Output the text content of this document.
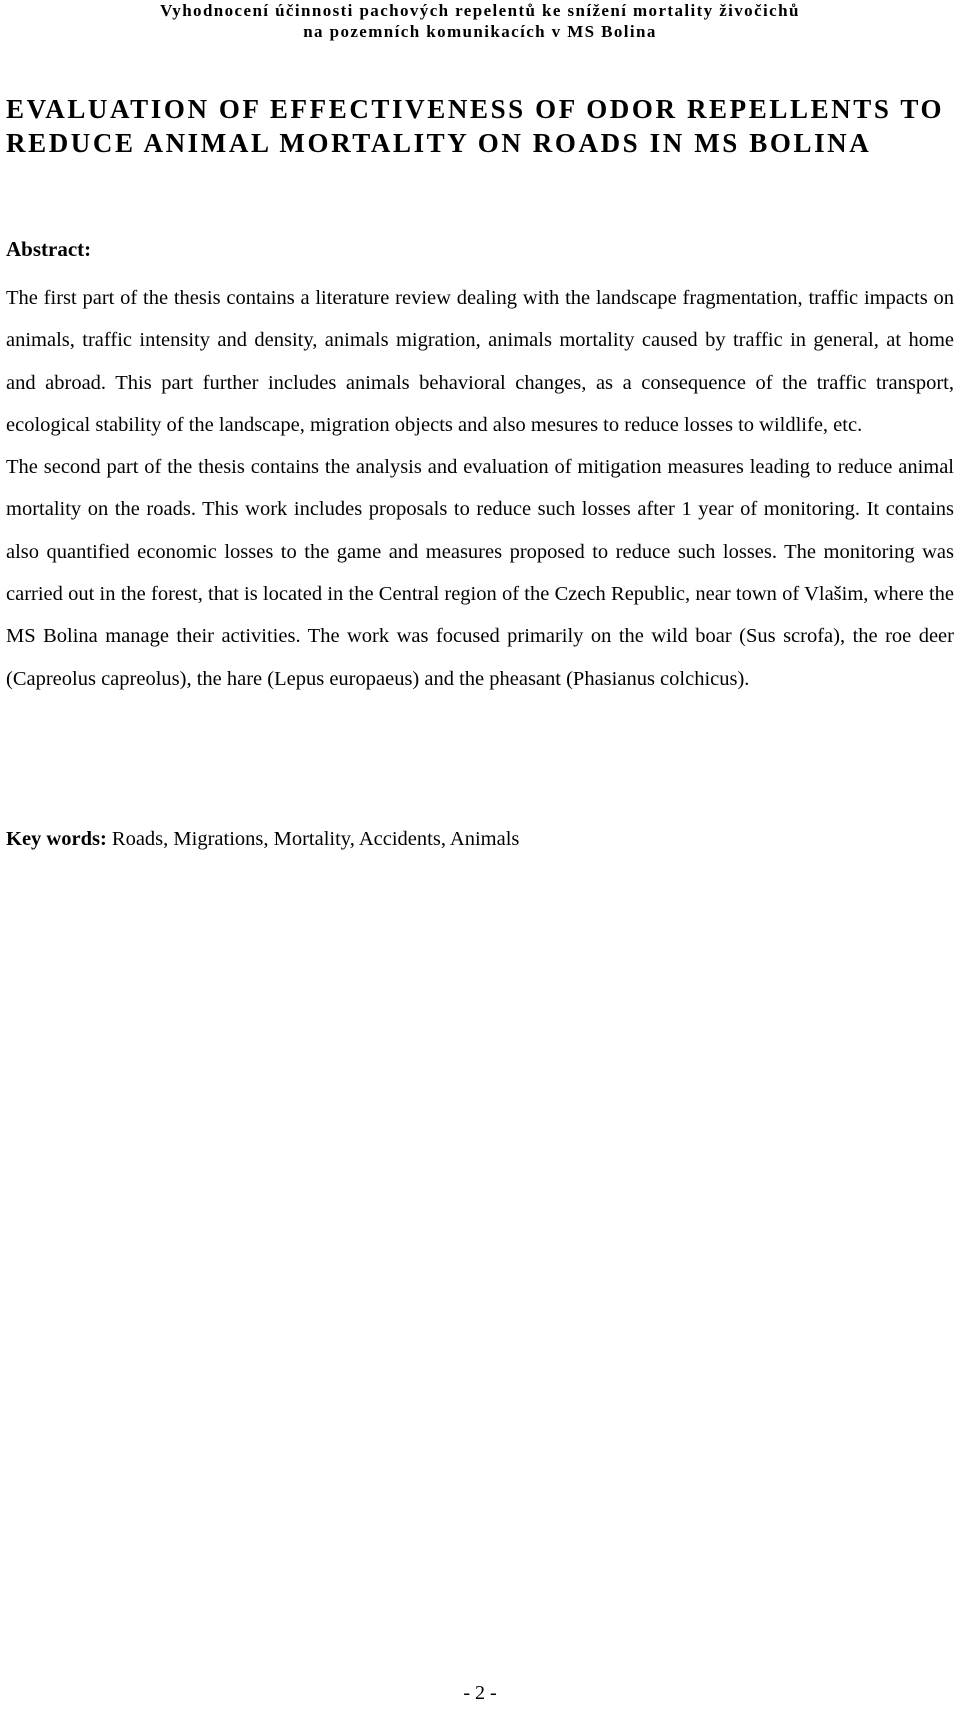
Vyhodnocení účinnosti pachových repelentů ke snížení mortality živočichů
na pozemních komunikacích v MS Bolina
EVALUATION OF EFFECTIVENESS OF ODOR REPELLENTS TO REDUCE ANIMAL MORTALITY ON ROADS IN MS BOLINA
Abstract:

The first part of the thesis contains a literature review dealing with the landscape fragmentation, traffic impacts on animals, traffic intensity and density, animals migration, animals mortality caused by traffic in general, at home and abroad. This part further includes animals behavioral changes, as a consequence of the traffic transport, ecological stability of the landscape, migration objects and also mesures to reduce losses to wildlife, etc.

The second part of the thesis contains the analysis and evaluation of mitigation measures leading to reduce animal mortality on the roads. This work includes proposals to reduce such losses after 1 year of monitoring. It contains also quantified economic losses to the game and measures proposed to reduce such losses. The monitoring was carried out in the forest, that is located in the Central region of the Czech Republic, near town of Vlašim, where the MS Bolina manage their activities. The work was focused primarily on the wild boar (Sus scrofa), the roe deer (Capreolus capreolus), the hare (Lepus europaeus) and the pheasant (Phasianus colchicus).

Key words: Roads, Migrations, Mortality, Accidents, Animals

- 2 -
